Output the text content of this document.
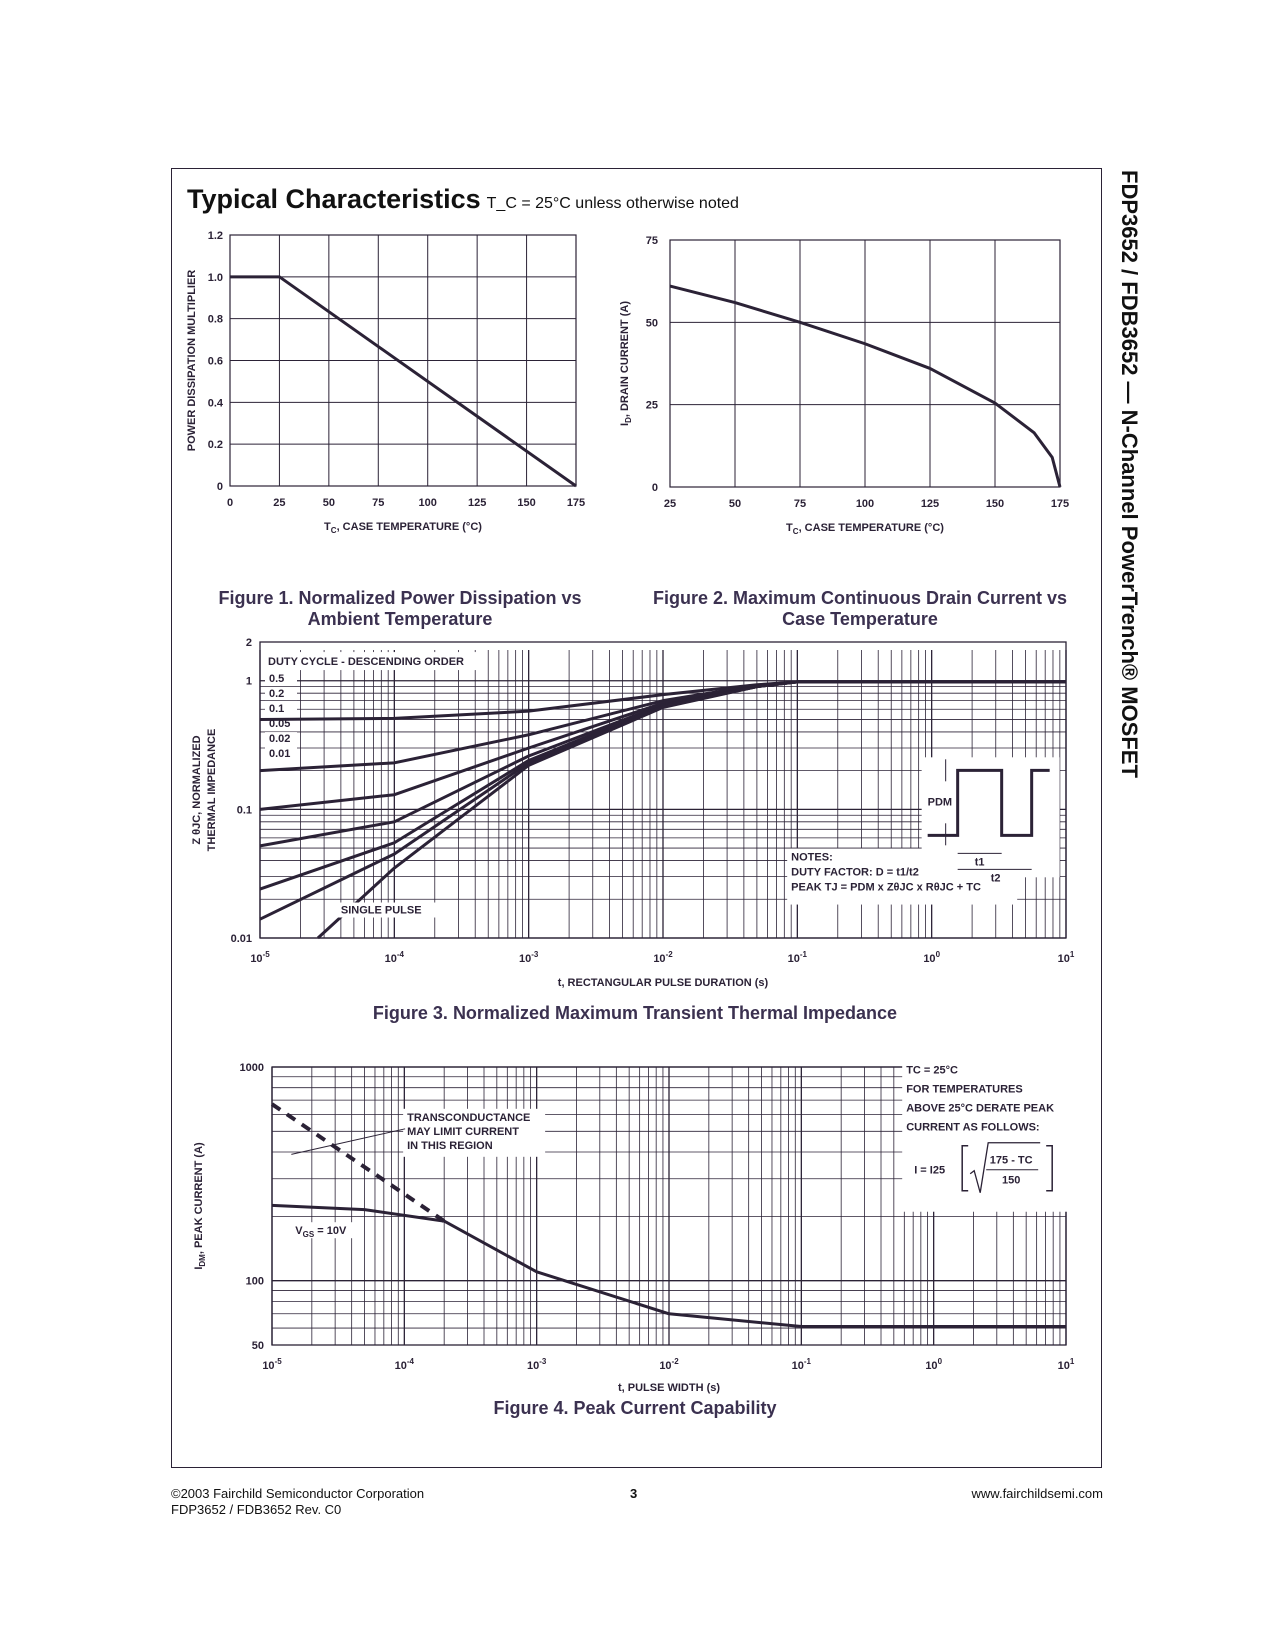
Typical Characteristics T_C = 25°C unless otherwise noted	FDP3652 / FDB3652 — N-Channel PowerTrench® MOSFET
0	25	50	75	100	125	150	175
0
0.2
0.4
0.6
0.8
1.0
1.2
$T_C$, CASE TEMPERATURE (°C)
POWER DISSIPATION MULTIPLIER
Figure 1. Normalized Power Dissipation vs
Ambient Temperature
25	50	75	100	125	150	175
0
25
50
75
$T_C$, CASE TEMPERATURE (°C)
$I_D$, DRAIN CURRENT (A)
Figure 2. Maximum Continuous Drain Current vs
Case Temperature
$10^{-5}$	$10^{-4}$	$10^{-3}$	$10^{-2}$	$10^{-1}$	$10^0$	$10^1$
0.01
0.1
1
2
DUTY CYCLE - DESCENDING ORDER
0.5
0.2
0.1
0.05
0.02
0.01
SINGLE PULSE
NOTES:
DUTY FACTOR: D = t1/t2
PEAK TJ = PDM x ZθJC x RθJC + TC
PDM
t1
t2
t, RECTANGULAR PULSE DURATION (s)
Z θJC, NORMALIZED THERMAL IMPEDANCE
Figure 3. Normalized Maximum Transient Thermal Impedance
$10^{-5}$	$10^{-4}$	$10^{-3}$	$10^{-2}$	$10^{-1}$	$10^0$	$10^1$
50
100
1000
TRANSCONDUCTANCE
MAY LIMIT CURRENT
IN THIS REGION
$V_{GS} = 10V$
TC = 25°C
FOR TEMPERATURES
ABOVE 25°C DERATE PEAK
CURRENT AS FOLLOWS:
I = I25
175 - TC
150
t, PULSE WIDTH (s)
$I_{DM}$, PEAK CURRENT (A)
Figure 4. Peak Current Capability
©2003 Fairchild Semiconductor Corporation
FDP3652 / FDB3652 Rev. C0
3	www.fairchildsemi.com
